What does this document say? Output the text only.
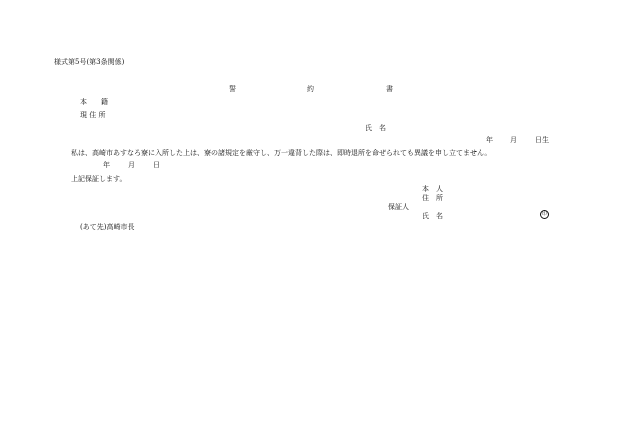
様式第5号(第3条関係)
誓	約	書
本　　籍
現 住 所
氏　名
年 月	日生
私は、高崎市あすなろ寮に入所した上は、寮の諸規定を厳守し、万一違背した際は、即時退所を命ぜられても異議を申し立てません。
年	月	日
上記保証します。
本　人
住　所
保証人
氏　名	印
(あて先)高崎市長
